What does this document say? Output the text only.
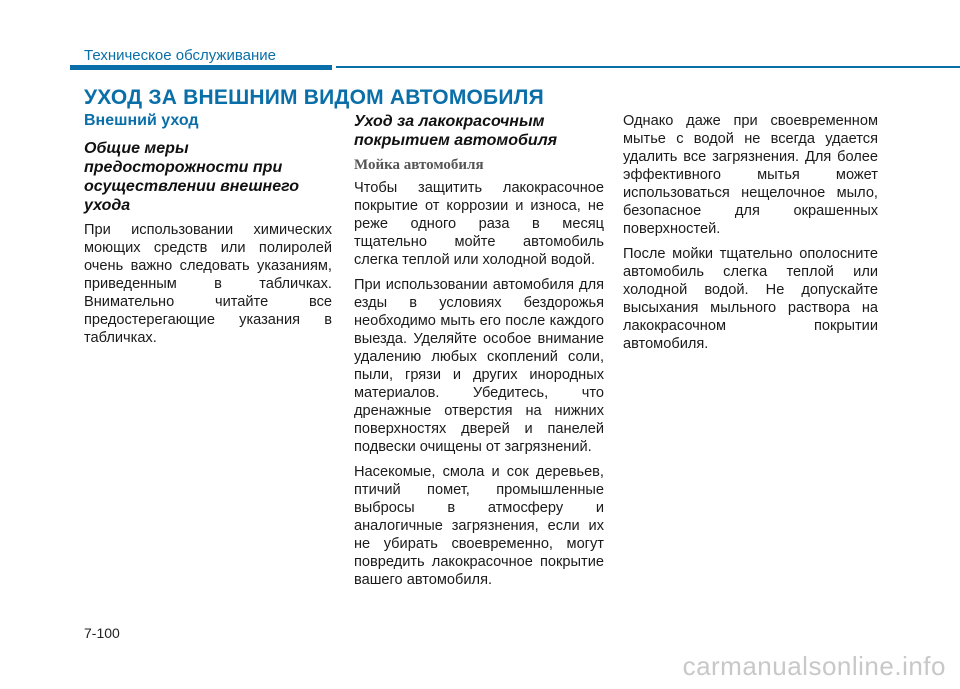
Техническое обслуживание
УХОД ЗА ВНЕШНИМ ВИДОМ АВТОМОБИЛЯ
Внешний уход
Общие меры предосторожности при осуществлении внешнего ухода

При использовании химических моющих средств или полиролей очень важно следовать указаниям, приведенным в табличках. Внимательно читайте все предостерегающие указания в табличках.

Уход за лакокрасочным покрытием автомобиля
Мойка автомобиля

Чтобы защитить лакокрасочное покрытие от коррозии и износа, не реже одного раза в месяц тщательно мойте автомобиль слегка теплой или холодной водой.

При использовании автомобиля для езды в условиях бездорожья необходимо мыть его после каждого выезда. Уделяйте особое внимание удалению любых скоплений соли, пыли, грязи и других инородных материалов. Убедитесь, что дренажные отверстия на нижних поверхностях дверей и панелей подвески очищены от загрязнений.

Насекомые, смола и сок деревьев, птичий помет, промышленные выбросы в атмосферу и аналогичные загрязнения, если их не убирать своевременно, могут повредить лакокрасочное покрытие вашего автомобиля.

Однако даже при своевременном мытье с водой не всегда удается удалить все загрязнения. Для более эффективного мытья может использоваться нещелочное мыло, безопасное для окрашенных поверхностей.

После мойки тщательно ополосните автомобиль слегка теплой или холодной водой. Не допускайте высыхания мыльного раствора на лакокрасочном покрытии автомобиля.

7-100
carmanualsonline.info
